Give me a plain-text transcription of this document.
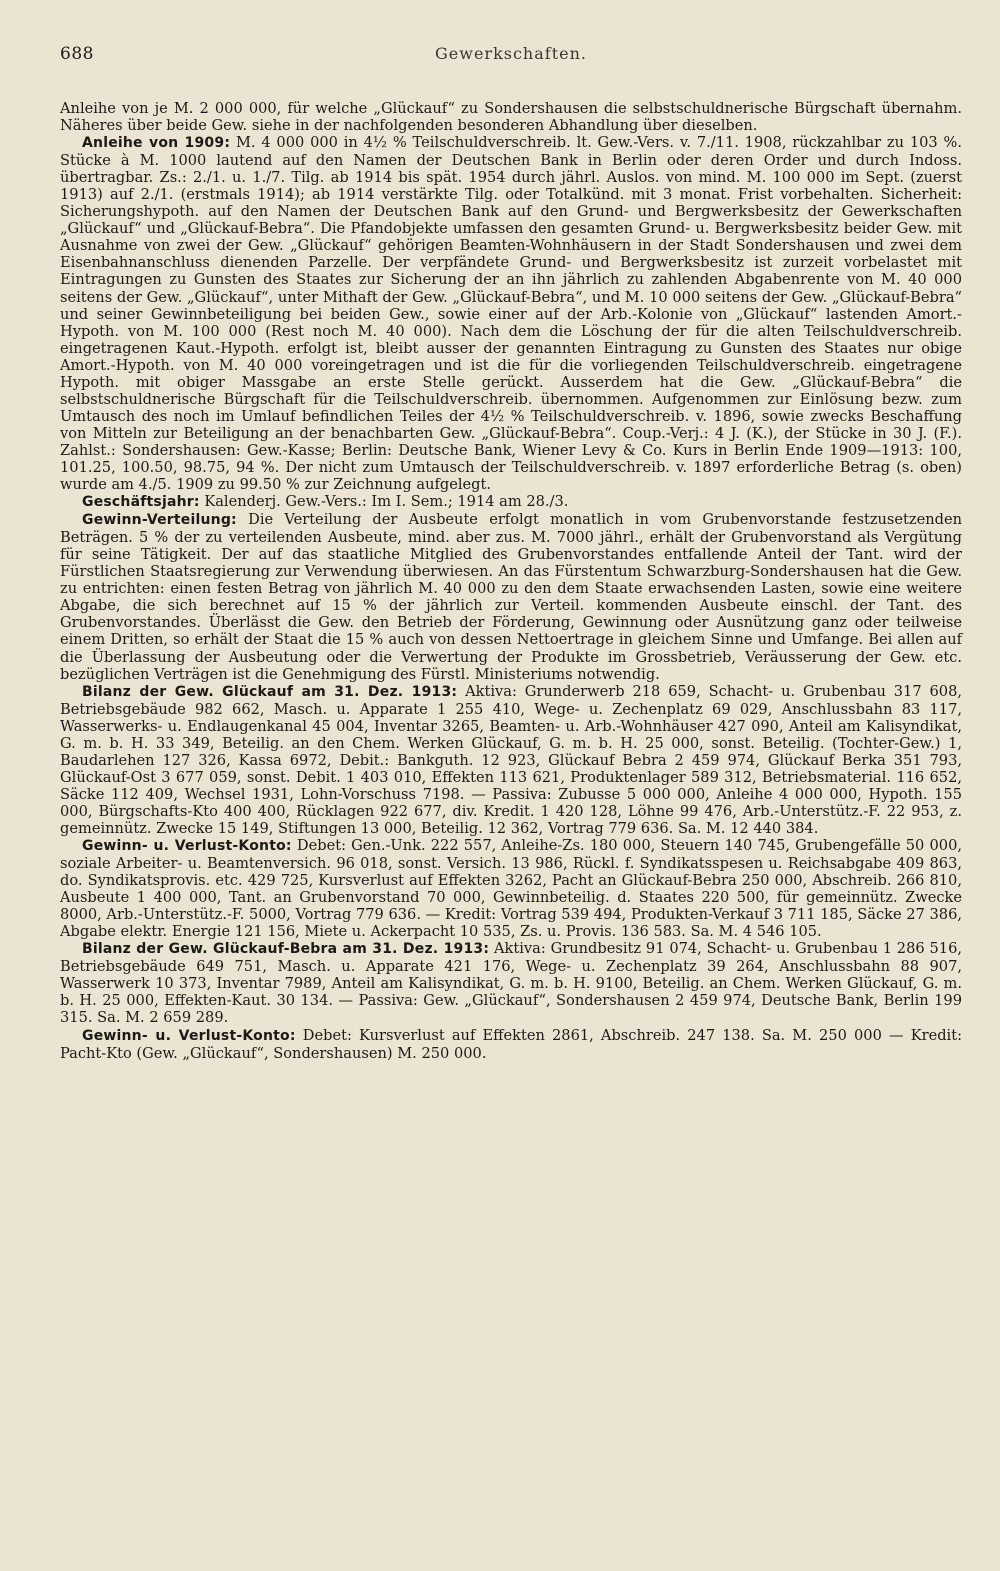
688	Gewerkschaften.

Anleihe von je M. 2 000 000, für welche „Glückauf“ zu Sondershausen die selbstschuldnerische Bürgschaft übernahm. Näheres über beide Gew. siehe in der nachfolgenden besonderen Abhandlung über dieselben.

Anleihe von 1909: M. 4 000 000 in 4½ % Teilschuldverschreib. lt. Gew.-Vers. v. 7./11. 1908, rückzahlbar zu 103 %. Stücke à M. 1000 lautend auf den Namen der Deutschen Bank in Berlin oder deren Order und durch Indoss. übertragbar. Zs.: 2./1. u. 1./7. Tilg. ab 1914 bis spät. 1954 durch jährl. Auslos. von mind. M. 100 000 im Sept. (zuerst 1913) auf 2./1. (erstmals 1914); ab 1914 verstärkte Tilg. oder Totalkünd. mit 3 monat. Frist vorbehalten. Sicherheit: Sicherungshypoth. auf den Namen der Deutschen Bank auf den Grund- und Bergwerksbesitz der Gewerkschaften „Glückauf“ und „Glückauf-Bebra“. Die Pfandobjekte umfassen den gesamten Grund- u. Bergwerksbesitz beider Gew. mit Ausnahme von zwei der Gew. „Glückauf“ gehörigen Beamten-Wohnhäusern in der Stadt Sondershausen und zwei dem Eisenbahnanschluss dienenden Parzelle. Der verpfändete Grund- und Bergwerksbesitz ist zurzeit vorbelastet mit Eintragungen zu Gunsten des Staates zur Sicherung der an ihn jährlich zu zahlenden Abgabenrente von M. 40 000 seitens der Gew. „Glückauf“, unter Mithaft der Gew. „Glückauf-Bebra“, und M. 10 000 seitens der Gew. „Glückauf-Bebra“ und seiner Gewinnbeteiligung bei beiden Gew., sowie einer auf der Arb.-Kolonie von „Glückauf“ lastenden Amort.-Hypoth. von M. 100 000 (Rest noch M. 40 000). Nach dem die Löschung der für die alten Teilschuldverschreib. eingetragenen Kaut.-Hypoth. erfolgt ist, bleibt ausser der genannten Eintragung zu Gunsten des Staates nur obige Amort.-Hypoth. von M. 40 000 voreingetragen und ist die für die vorliegenden Teilschuldverschreib. eingetragene Hypoth. mit obiger Massgabe an erste Stelle gerückt. Ausserdem hat die Gew. „Glückauf-Bebra“ die selbstschuldnerische Bürgschaft für die Teilschuldverschreib. übernommen. Aufgenommen zur Einlösung bezw. zum Umtausch des noch im Umlauf befindlichen Teiles der 4½ % Teilschuldverschreib. v. 1896, sowie zwecks Beschaffung von Mitteln zur Beteiligung an der benachbarten Gew. „Glückauf-Bebra“. Coup.-Verj.: 4 J. (K.), der Stücke in 30 J. (F.). Zahlst.: Sondershausen: Gew.-Kasse; Berlin: Deutsche Bank, Wiener Levy & Co. Kurs in Berlin Ende 1909—1913: 100, 101.25, 100.50, 98.75, 94 %. Der nicht zum Umtausch der Teilschuldverschreib. v. 1897 erforderliche Betrag (s. oben) wurde am 4./5. 1909 zu 99.50 % zur Zeichnung aufgelegt.

Geschäftsjahr: Kalenderj. Gew.-Vers.: Im I. Sem.; 1914 am 28./3.

Gewinn-Verteilung: Die Verteilung der Ausbeute erfolgt monatlich in vom Grubenvorstande festzusetzenden Beträgen. 5 % der zu verteilenden Ausbeute, mind. aber zus. M. 7000 jährl., erhält der Grubenvorstand als Vergütung für seine Tätigkeit. Der auf das staatliche Mitglied des Grubenvorstandes entfallende Anteil der Tant. wird der Fürstlichen Staatsregierung zur Verwendung überwiesen. An das Fürstentum Schwarzburg-Sondershausen hat die Gew. zu entrichten: einen festen Betrag von jährlich M. 40 000 zu den dem Staate erwachsenden Lasten, sowie eine weitere Abgabe, die sich berechnet auf 15 % der jährlich zur Verteil. kommenden Ausbeute einschl. der Tant. des Grubenvorstandes. Überlässt die Gew. den Betrieb der Förderung, Gewinnung oder Ausnützung ganz oder teilweise einem Dritten, so erhält der Staat die 15 % auch von dessen Nettoertrage in gleichem Sinne und Umfange. Bei allen auf die Überlassung der Ausbeutung oder die Verwertung der Produkte im Grossbetrieb, Veräusserung der Gew. etc. bezüglichen Verträgen ist die Genehmigung des Fürstl. Ministeriums notwendig.

Bilanz der Gew. Glückauf am 31. Dez. 1913: Aktiva: Grunderwerb 218 659, Schacht- u. Grubenbau 317 608, Betriebsgebäude 982 662, Masch. u. Apparate 1 255 410, Wege- u. Zechenplatz 69 029, Anschlussbahn 83 117, Wasserwerks- u. Endlaugenkanal 45 004, Inventar 3265, Beamten- u. Arb.-Wohnhäuser 427 090, Anteil am Kalisyndikat, G. m. b. H. 33 349, Beteilig. an den Chem. Werken Glückauf, G. m. b. H. 25 000, sonst. Beteilig. (Tochter-Gew.) 1, Baudarlehen 127 326, Kassa 6972, Debit.: Bankguth. 12 923, Glückauf Bebra 2 459 974, Glückauf Berka 351 793, Glückauf-Ost 3 677 059, sonst. Debit. 1 403 010, Effekten 113 621, Produktenlager 589 312, Betriebsmaterial. 116 652, Säcke 112 409, Wechsel 1931, Lohn-Vorschuss 7198. — Passiva: Zubusse 5 000 000, Anleihe 4 000 000, Hypoth. 155 000, Bürgschafts-Kto 400 400, Rücklagen 922 677, div. Kredit. 1 420 128, Löhne 99 476, Arb.-Unterstütz.-F. 22 953, z. gemeinnütz. Zwecke 15 149, Stiftungen 13 000, Beteilig. 12 362, Vortrag 779 636. Sa. M. 12 440 384.

Gewinn- u. Verlust-Konto: Debet: Gen.-Unk. 222 557, Anleihe-Zs. 180 000, Steuern 140 745, Grubengefälle 50 000, soziale Arbeiter- u. Beamtenversich. 96 018, sonst. Versich. 13 986, Rückl. f. Syndikatsspesen u. Reichsabgabe 409 863, do. Syndikatsprovis. etc. 429 725, Kursverlust auf Effekten 3262, Pacht an Glückauf-Bebra 250 000, Abschreib. 266 810, Ausbeute 1 400 000, Tant. an Grubenvorstand 70 000, Gewinnbeteilig. d. Staates 220 500, für gemeinnütz. Zwecke 8000, Arb.-Unterstütz.-F. 5000, Vortrag 779 636. — Kredit: Vortrag 539 494, Produkten-Verkauf 3 711 185, Säcke 27 386, Abgabe elektr. Energie 121 156, Miete u. Ackerpacht 10 535, Zs. u. Provis. 136 583. Sa. M. 4 546 105.

Bilanz der Gew. Glückauf-Bebra am 31. Dez. 1913: Aktiva: Grundbesitz 91 074, Schacht- u. Grubenbau 1 286 516, Betriebsgebäude 649 751, Masch. u. Apparate 421 176, Wege- u. Zechenplatz 39 264, Anschlussbahn 88 907, Wasserwerk 10 373, Inventar 7989, Anteil am Kalisyndikat, G. m. b. H. 9100, Beteilig. an Chem. Werken Glückauf, G. m. b. H. 25 000, Effekten-Kaut. 30 134. — Passiva: Gew. „Glückauf“, Sondershausen 2 459 974, Deutsche Bank, Berlin 199 315. Sa. M. 2 659 289.

Gewinn- u. Verlust-Konto: Debet: Kursverlust auf Effekten 2861, Abschreib. 247 138. Sa. M. 250 000 — Kredit: Pacht-Kto (Gew. „Glückauf“, Sondershausen) M. 250 000.
